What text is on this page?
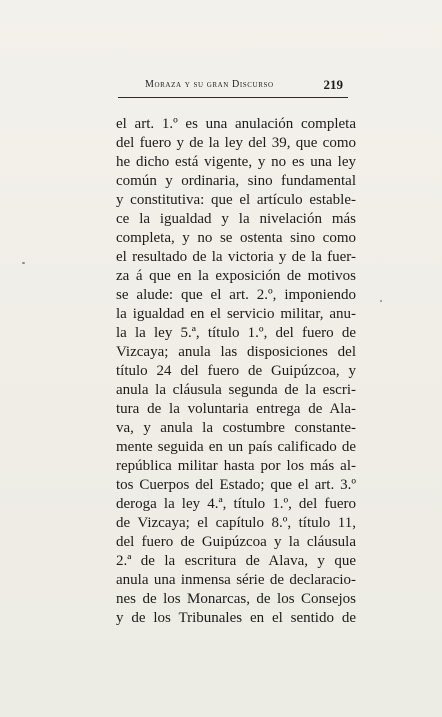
Moraza y su gran Discurso	219
el art. 1.º es una anulación completa
del fuero y de la ley del 39, que como
he dicho está vigente, y no es una ley
común y ordinaria, sino fundamental
y constitutiva: que el artículo estable-
ce la igualdad y la nivelación más
completa, y no se ostenta sino como
el resultado de la victoria y de la fuer-
za á que en la exposición de motivos
se alude: que el art. 2.º, imponiendo
la igualdad en el servicio militar, anu-
la la ley 5.ª, título 1.º, del fuero de
Vizcaya; anula las disposiciones del
título 24 del fuero de Guipúzcoa, y
anula la cláusula segunda de la escri-
tura de la voluntaria entrega de Ala-
va, y anula la costumbre constante-
mente seguida en un país calificado de
república militar hasta por los más al-
tos Cuerpos del Estado; que el art. 3.º
deroga la ley 4.ª, título 1.º, del fuero
de Vizcaya; el capítulo 8.º, título 11,
del fuero de Guipúzcoa y la cláusula
2.ª de la escritura de Alava, y que
anula una inmensa série de declaracio-
nes de los Monarcas, de los Consejos
y de los Tribunales en el sentido de
